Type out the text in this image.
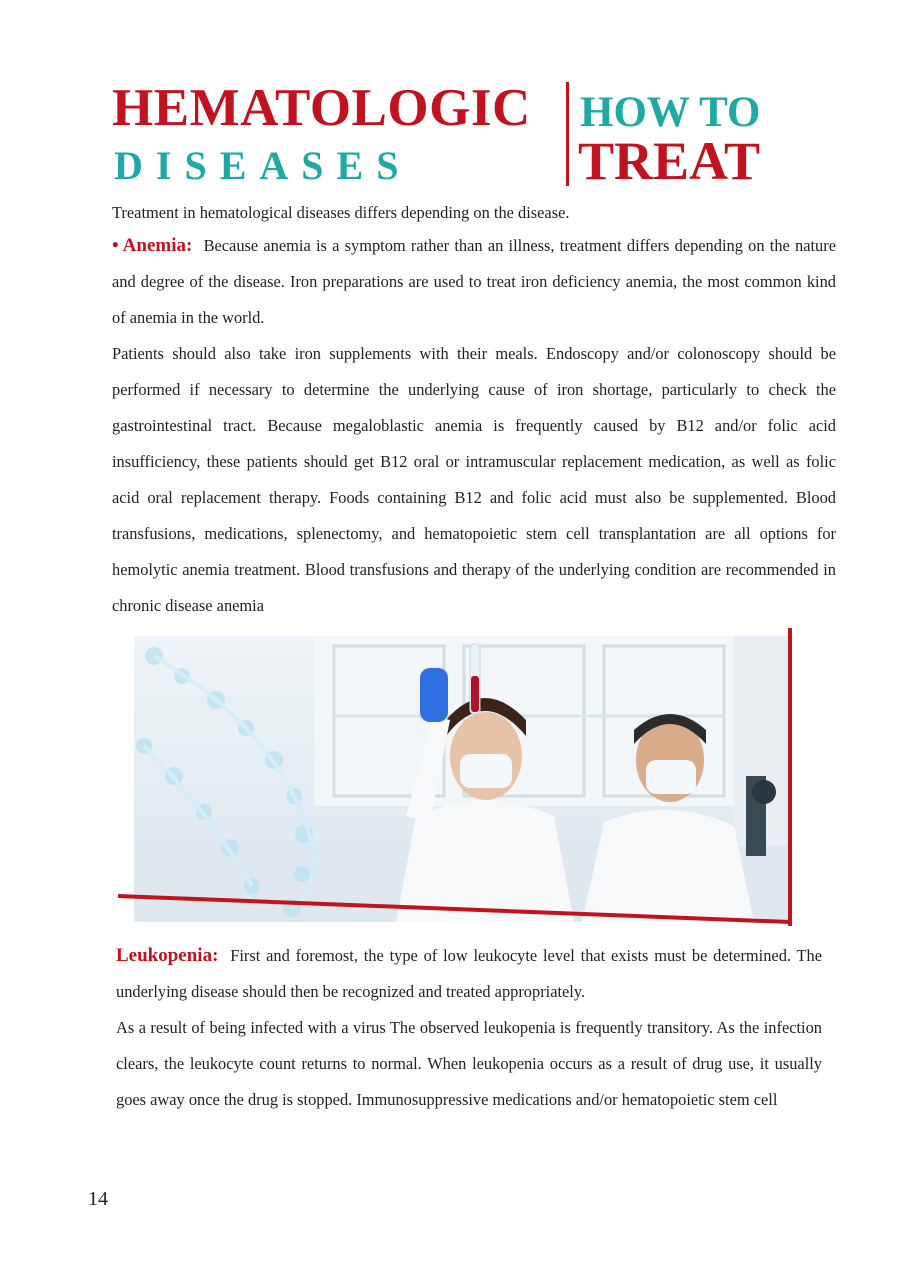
HEMATOLOGIC
DISEASES
HOW TO
TREAT
Treatment in hematological diseases differs depending on the disease.

• Anemia: Because anemia is a symptom rather than an illness, treatment differs depending on the nature and degree of the disease. Iron preparations are used to treat iron deficiency anemia, the most common kind of anemia in the world.

Patients should also take iron supplements with their meals. Endoscopy and/or colonoscopy should be performed if necessary to determine the underlying cause of iron shortage, particularly to check the gastrointestinal tract. Because megaloblastic anemia is frequently caused by B12 and/or folic acid insufficiency, these patients should get B12 oral or intramuscular replacement medication, as well as folic acid oral replacement therapy. Foods containing B12 and folic acid must also be supplemented. Blood transfusions, medications, splenectomy, and hematopoietic stem cell transplantation are all options for hemolytic anemia treatment. Blood transfusions and therapy of the underlying condition are recommended in chronic disease anemia

Leukopenia: First and foremost, the type of low leukocyte level that exists must be determined. The underlying disease should then be recognized and treated appropriately.
As a result of being infected with a virus The observed leukopenia is frequently transitory. As the infection clears, the leukocyte count returns to normal. When leukopenia occurs as a result of drug use, it usually goes away once the drug is stopped. Immunosuppressive medications and/or hematopoietic stem cell

14
